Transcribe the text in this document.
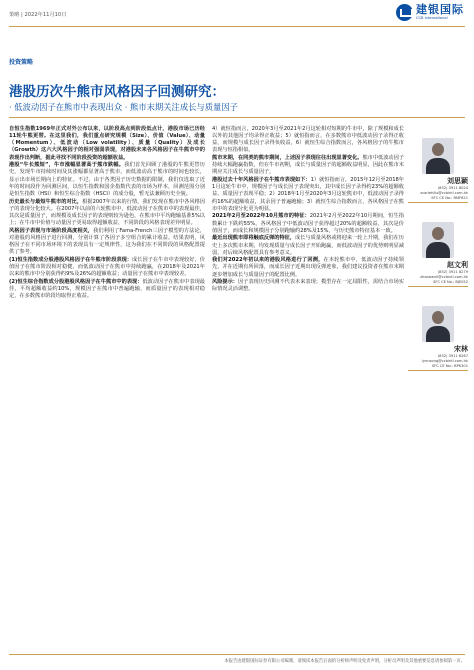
策略 | 2022年11月10日	建银国际
CCB International
投资策略
港股历次牛熊市风格因子回测研究：
· 低波动因子在熊市中表现出众 · 熊市末期关注成长与质量因子

自恒生指数1969年正式对外公布以来，以阶段高点到阶段低点计，港股市场已历经11轮牛熊更替。在这里我们，我们重点研究规模（Size）、价值（Value）、动量（Momentum）、低波动（Low volatility）、质量（Quality）及成长（Growth）这六大风格因子的相对强弱表现，对港股未来各风格因子在牛熊市中的表现作出判断，据此寻找不同阶段投资的超额收益。

港股“牛长熊短”，牛市涨幅显著高于熊市跌幅。我们首先回顾了港股的牛熊更替历史，发现牛市持续时间及其涨幅都显著高于熊市，而低波动高于熊市的时间也较长，显示出市场长期向上的特征。不过，由于各类因子历史数据的限制，我们仅选取了近年的时间段作为回测区间，以恒生指数和国企指数代表的市场为样本，回测范围分别是恒生指数（HSI）和恒生综合指数（HSCI）的成分股，暂无法兼顾历史全貌。

历史最长与最短牛熊市的对比，根据2007年以来的行情，我们发现在熊市中各风格因子的表现分化较大。在2007年以前的六轮熊市中，低波动因子在熊市中的表现最佳，其次是质量因子，而规模及成长因子的表现则较为逊色，在熊市中平均跑输基准5%以上；在牛市中价值与动量因子更易取得超额收益，不同阶段的风格表现差异明显。

风格因子表现与市场阶段高度相关，我们利用了Fama-French三因子模型的方法论，对港股的风格因子进行回测，分别计算了各因子多空组合的累计收益。结果表明，风格因子在不同市场环境下的表现具有一定规律性，这为我们在不同阶段的风格配置提供了参考。

(1)恒生指数成分股港股风格因子在牛熊市阶段表现：成长因子在牛市中表现较好，价值因子在熊市阶段相对稳健，而低波动因子在熊市中持续跑赢，在2018年及2021年以来的熊市中分别获得约9%及26%的超额收益；动量因子在熊市中表现较差。

(2)恒生综合指数成分股港股风格因子在牛熊市中的表现：低波动因子在熊市中表现最佳，平均超额收益约10%，规模因子在熊市中普遍跑输，而质量因子的表现相对稳定，在多数熊市阶段均取得正收益。

4）就恒指而言，2020年3月至2021年2月这轮相对短期的牛市中，除了规模和成长以外的其他因子均录得正收益；5）就恒指而言，在多数熊市中低波动因子录得正收益，而规模与成长因子录得负收益，6）就恒生综合指数而言，各风格因子的牛熊市表现与恒指相似。

熊市末期，在同类的熊市期间，上述因子表现往往出现显著变化。熊市中低波动因子持续大幅跑赢指数，但在牛市初期，成长与质量因子的超额收益明显，因此在熊市末期应关注成长与质量因子。

港股过去十年风格因子在牛熊市表现如下：1）就恒指而言，2015年12月至2018年1月这轮牛市中，规模因子与成长因子表现突出，其中成长因子录得约23%的超额收益，质量因子表现平稳；2）2018年1月至2020年3月这轮熊市中，低波动因子录得约16%的超额收益，其余因子普遍跑输；3）就恒生综合指数而言，各风格因子在熊市中的表现分化更为明显。

2021年2月至2022年10月熊市的特征：2021年2月至2022年10月期间，恒生指数累计下跌约55%，各风格因子中低波动因子获得超过20%的超额收益，其次是价值因子，而成长和规模因子分别跑输约28%及15%，与历史熊市特征基本一致。

最近出现熊市即将触底反弹的特征，成长与质量风格或将迎来一轮上升期，我们在历史上多次熊市末期，均发现质量与成长因子开始跑赢，而低波动因子的优势则明显减弱，对后续风格配置具有参考意义。

我们对2022年初以来的港股风格进行了回测，在本轮熊市中，低波动因子持续领先，并在近期有所回落，而成长因子近期出现反弹迹象，我们建议投资者在熊市末期逐步增加成长与质量因子的配置比例。

风险提示：因子表现历史回测不代表未来表现；模型存在一定局限性，需结合市场实际情况灵活调整。

刘思颖
(852) 3911 8024
scarlettliu@ccbintl.com.hk
SFC CE No.: BMF621
赵文利
(852) 3911 8279
zhaowenli@ccbintl.com.hk
SFC CE No.: BJE052
宋林
(852) 3911 8267
lynnsong@ccbintl.com.hk
SFC CE No.: BPK301
本报告由建银国际证券有限公司编制，请阅读本报告后面的分析师声明及免责声明，分析员声明及其他重要信息请参阅第一页。
